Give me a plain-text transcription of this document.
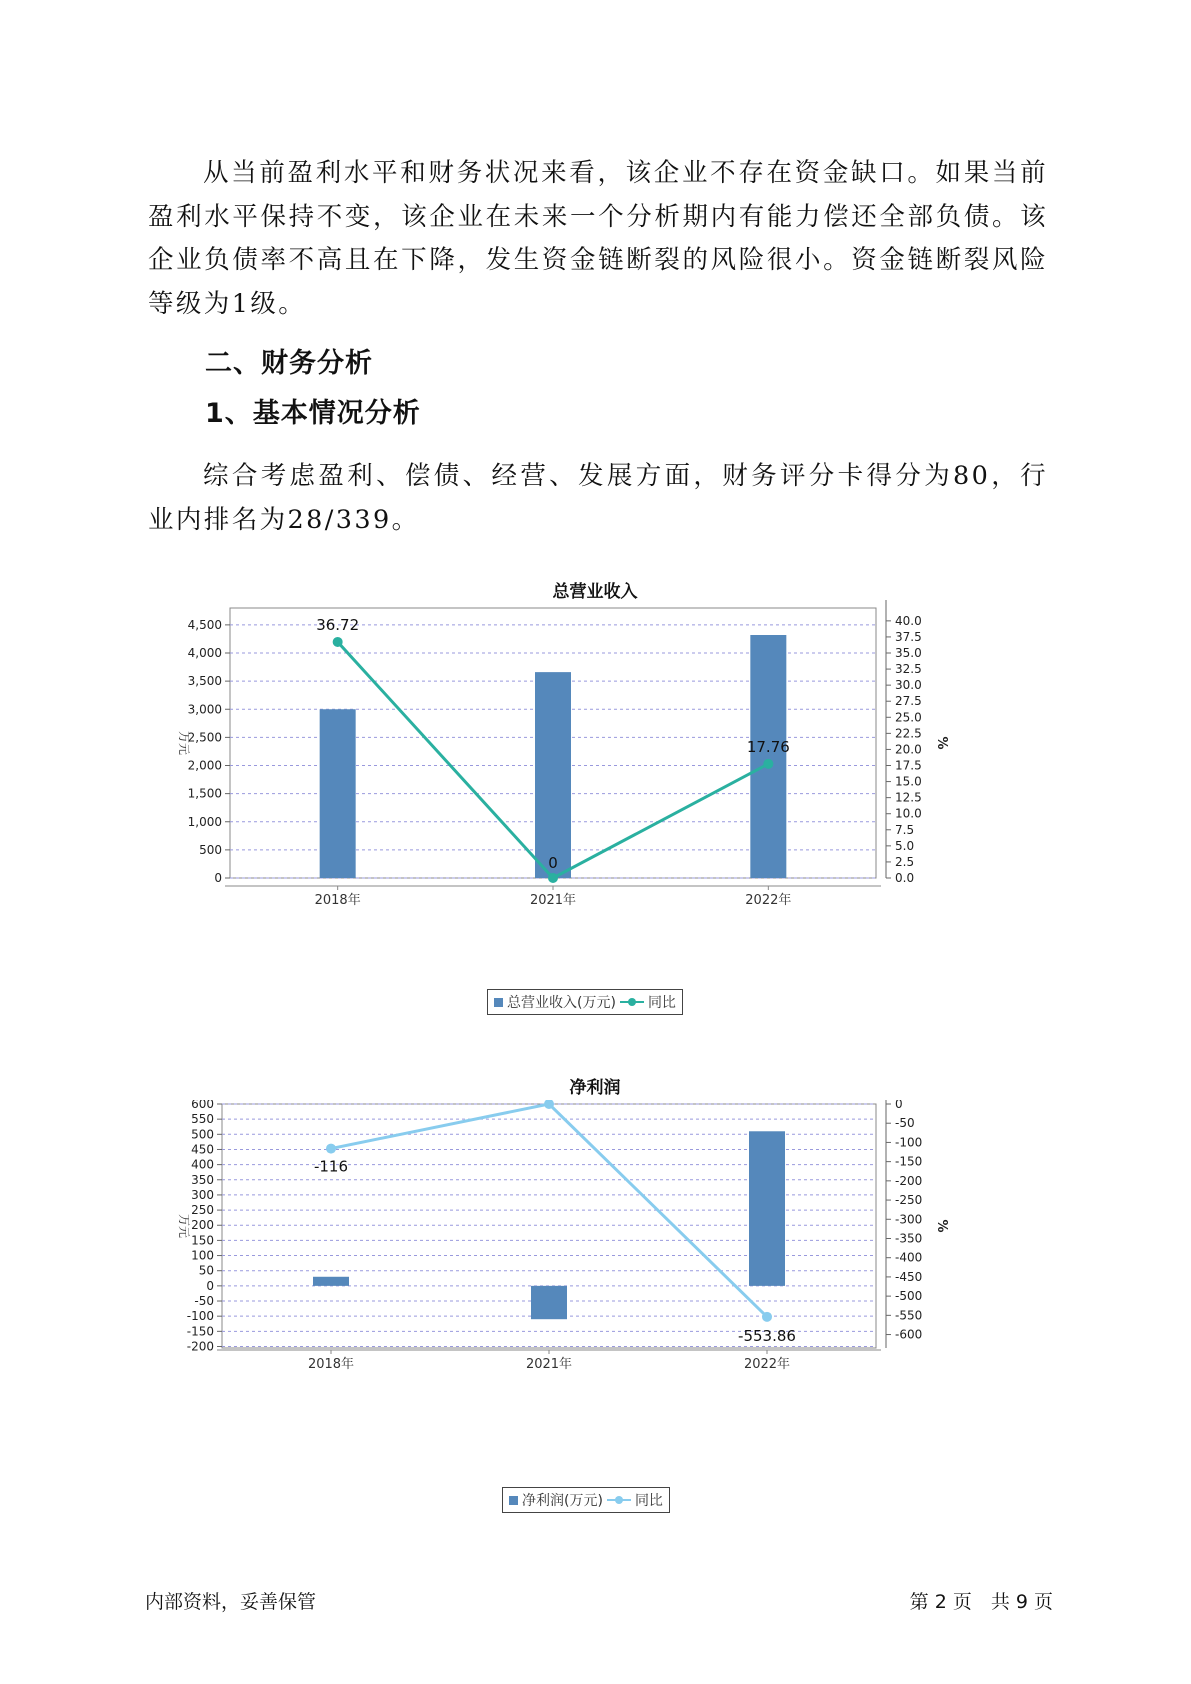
从当前盈利水平和财务状况来看，该企业不存在资金缺口。如果当前盈利水平保持不变，该企业在未来一个分析期内有能力偿还全部负债。该企业负债率不高且在下降，发生资金链断裂的风险很小。资金链断裂风险等级为1级。

二、财务分析
1、基本情况分析

综合考虑盈利、偿债、经营、发展方面，财务评分卡得分为80，行业内排名为28/339。

总营业收入
0
500
1,000
1,500
2,000
2,500
3,000
3,500
4,000
4,500
0.0
2.5
5.0
7.5
10.0
12.5
15.0
17.5
20.0
22.5
25.0
27.5
30.0
32.5
35.0
37.5
40.0
万元	%
2018年	2021年	2022年
36.72
0
17.76
总营业收入(万元) 同比
净利润
-200
-150
-100
-50
0
50
100
150
200
250
300
350
400
450
500
550
600	0
-50
-100
-150
-200
-250
-300
-350
-400
-450
-500
-550
-600
万元	%
2018年	2021年	2022年
-116
-553.86
净利润(万元) 同比
内部资料，妥善保管	第 2 页　共 9 页
